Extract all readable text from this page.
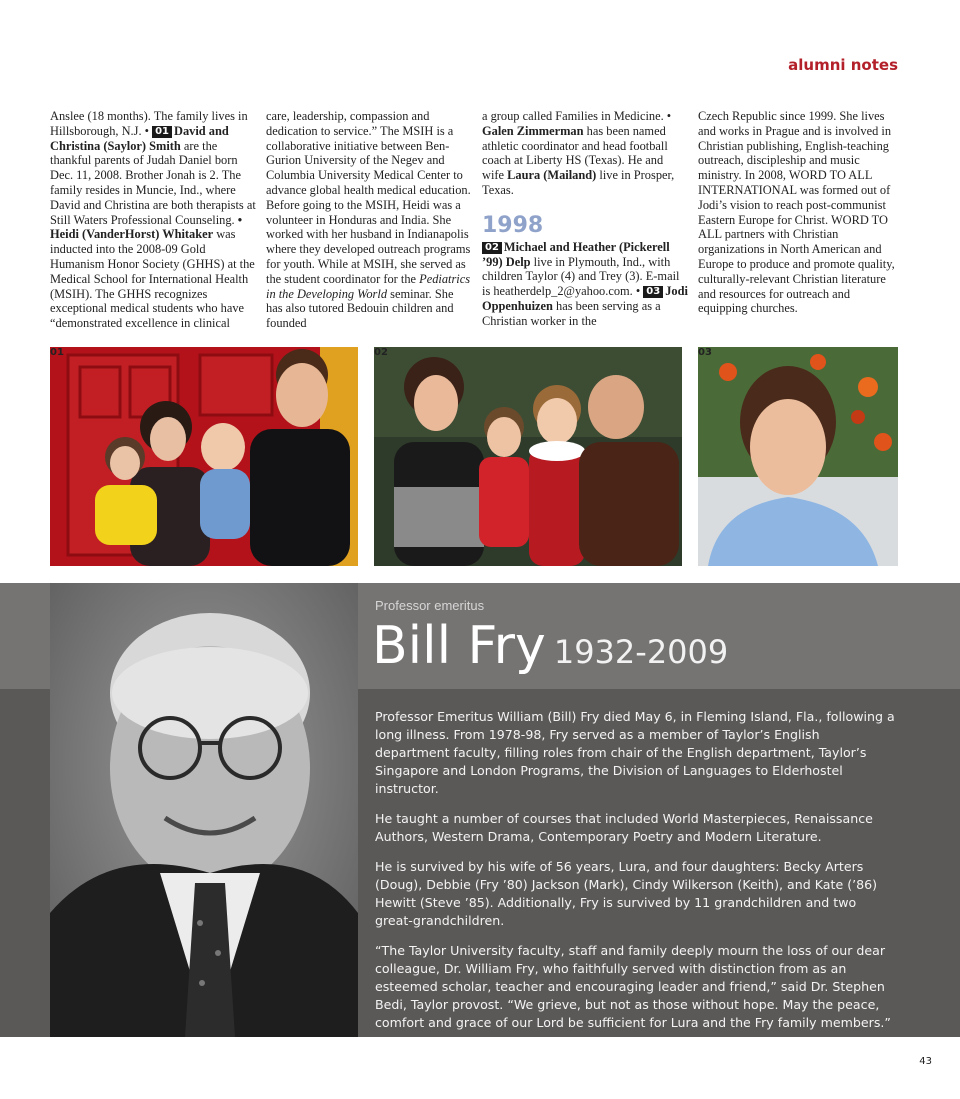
alumni notes

Anslee (18 months). The family lives in Hillsborough, N.J. • 01 David and Christina (Saylor) Smith are the thankful parents of Judah Daniel born Dec. 11, 2008. Brother Jonah is 2. The family resides in Muncie, Ind., where David and Christina are both therapists at Still Waters Professional Counseling. • Heidi (VanderHorst) Whitaker was inducted into the 2008-09 Gold Humanism Honor Society (GHHS) at the Medical School for International Health (MSIH). The GHHS recognizes exceptional medical students who have “demonstrated excellence in clinical

care, leadership, compassion and dedication to service.” The MSIH is a collaborative initiative between Ben-Gurion University of the Negev and Columbia University Medical Center to advance global health medical education. Before going to the MSIH, Heidi was a volunteer in Honduras and India. She worked with her husband in Indianapolis where they developed outreach programs for youth. While at MSIH, she served as the student coordinator for the Pediatrics in the Developing World seminar. She has also tutored Bedouin children and founded

a group called Families in Medicine. • Galen Zimmerman has been named athletic coordinator and head football coach at Liberty HS (Texas). He and wife Laura (Mailand) live in Prosper, Texas.

1998

02 Michael and Heather (Pickerell ’99) Delp live in Plymouth, Ind., with children Taylor (4) and Trey (3). E-mail is heatherdelp_2@yahoo.com. • 03 Jodi Oppenhuizen has been serving as a Christian worker in the

Czech Republic since 1999. She lives and works in Prague and is involved in Christian publishing, English-teaching outreach, discipleship and music ministry. In 2008, WORD TO ALL INTERNATIONAL was formed out of Jodi’s vision to reach post-communist Eastern Europe for Christ. WORD TO ALL partners with Christian organizations in North American and Europe to produce and promote quality, culturally-relevant Christian literature and resources for outreach and equipping churches.

01	02	03
Professor emeritus
Bill Fry 1932-2009

Professor Emeritus William (Bill) Fry died May 6, in Fleming Island, Fla., following a long illness. From 1978-98, Fry served as a member of Taylor’s English department faculty, filling roles from chair of the English department, Taylor’s Singapore and London Programs, the Division of Languages to Elderhostel instructor.

He taught a number of courses that included World Masterpieces, Renaissance Authors, Western Drama, Contemporary Poetry and Modern Literature.

He is survived by his wife of 56 years, Lura, and four daughters: Becky Arters (Doug), Debbie (Fry ’80) Jackson (Mark), Cindy Wilkerson (Keith), and Kate (’86) Hewitt (Steve ’85). Additionally, Fry is survived by 11 grandchildren and two great-grandchildren.

“The Taylor University faculty, staff and family deeply mourn the loss of our dear colleague, Dr. William Fry, who faithfully served with distinction from as an esteemed scholar, teacher and encouraging leader and friend,” said Dr. Stephen Bedi, Taylor provost. “We grieve, but not as those without hope. May the peace, comfort and grace of our Lord be sufficient for Lura and the Fry family members.”

43
